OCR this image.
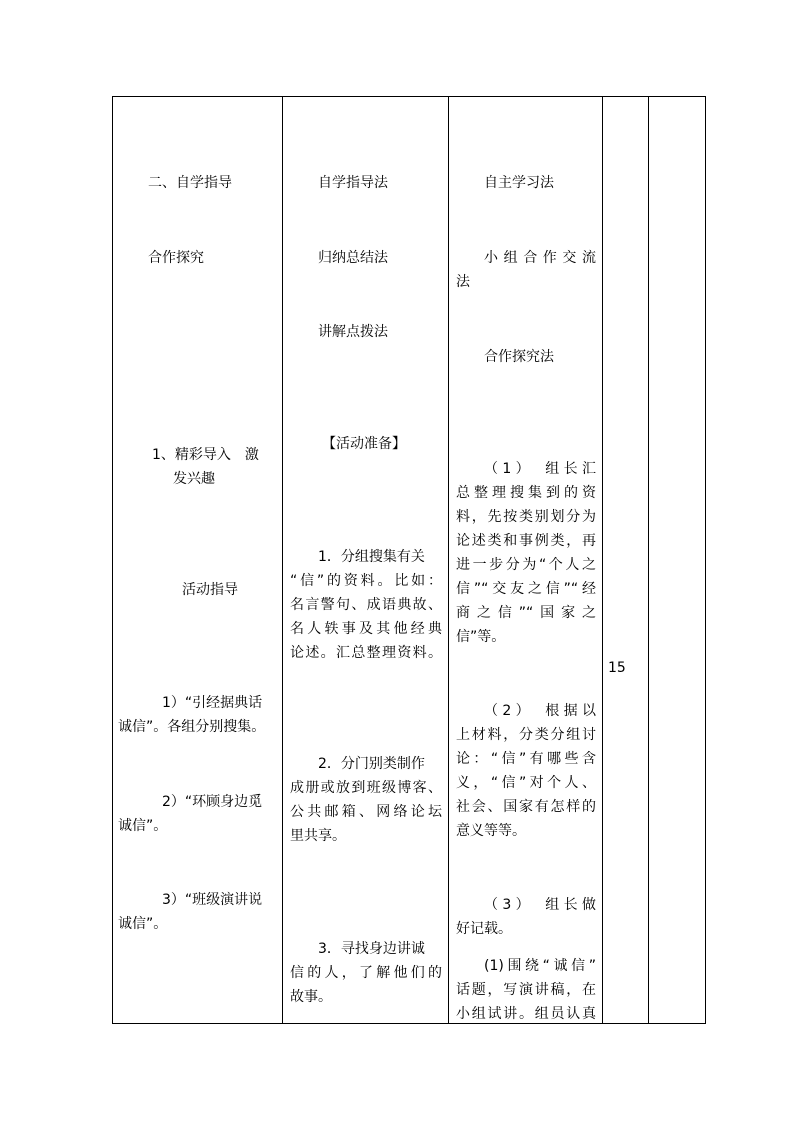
二、自学指导
合作探究
1、精彩导入　激
发兴趣
活动指导
1）“引经据典话
诚信”。各组分别搜集。
2）“环顾身边觅
诚信”。
3）“班级演讲说
诚信”。
自学指导法
归纳总结法
讲解点拨法
【活动准备】
1．分组搜集有关
“信”的资料。比如：
名言警句、成语典故、
名人轶事及其他经典
论述。汇总整理资料。
2．分门别类制作
成册或放到班级博客、
公共邮箱、网络论坛
里共享。
3．寻找身边讲诚
信的人，了解他们的
故事。
自主学习法
小组合作交流
法
合作探究法
（1）　组长汇
总整理搜集到的资
料，先按类别划分为
论述类和事例类，再
进一步分为“个人之
信”“交友之信”“经
商之信”“国家之
信”等。
（2）　根据以
上材料，分类分组讨
论：“信”有哪些含
义，“信”对个人、
社会、国家有怎样的
意义等等。
（3）　组长做
好记载。
(1)围绕“诚信”
话题，写演讲稿，在
小组试讲。组员认真
15
